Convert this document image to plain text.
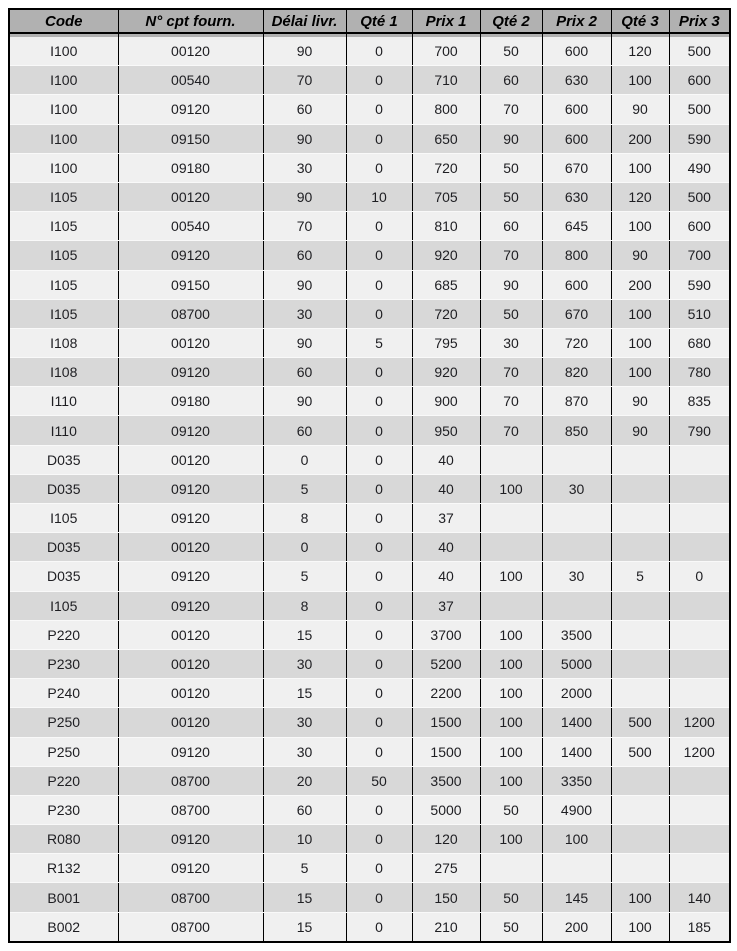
Code	N° cpt fourn.	Délai livr.	Qté 1	Prix 1	Qté 2	Prix 2	Qté 3	Prix 3

I100	00120	90	0	700	50	600	120	500
I100	00540	70	0	710	60	630	100	600
I100	09120	60	0	800	70	600	90	500
I100	09150	90	0	650	90	600	200	590
I100	09180	30	0	720	50	670	100	490
I105	00120	90	10	705	50	630	120	500
I105	00540	70	0	810	60	645	100	600
I105	09120	60	0	920	70	800	90	700
I105	09150	90	0	685	90	600	200	590
I105	08700	30	0	720	50	670	100	510
I108	00120	90	5	795	30	720	100	680
I108	09120	60	0	920	70	820	100	780
I110	09180	90	0	900	70	870	90	835
I110	09120	60	0	950	70	850	90	790
D035	00120	0	0	40				
D035	09120	5	0	40	100	30		
I105	09120	8	0	37				
D035	00120	0	0	40				
D035	09120	5	0	40	100	30	5	0
I105	09120	8	0	37				
P220	00120	15	0	3700	100	3500		
P230	00120	30	0	5200	100	5000		
P240	00120	15	0	2200	100	2000		
P250	00120	30	0	1500	100	1400	500	1200
P250	09120	30	0	1500	100	1400	500	1200
P220	08700	20	50	3500	100	3350		
P230	08700	60	0	5000	50	4900		
R080	09120	10	0	120	100	100		
R132	09120	5	0	275				
B001	08700	15	0	150	50	145	100	140
B002	08700	15	0	210	50	200	100	185
